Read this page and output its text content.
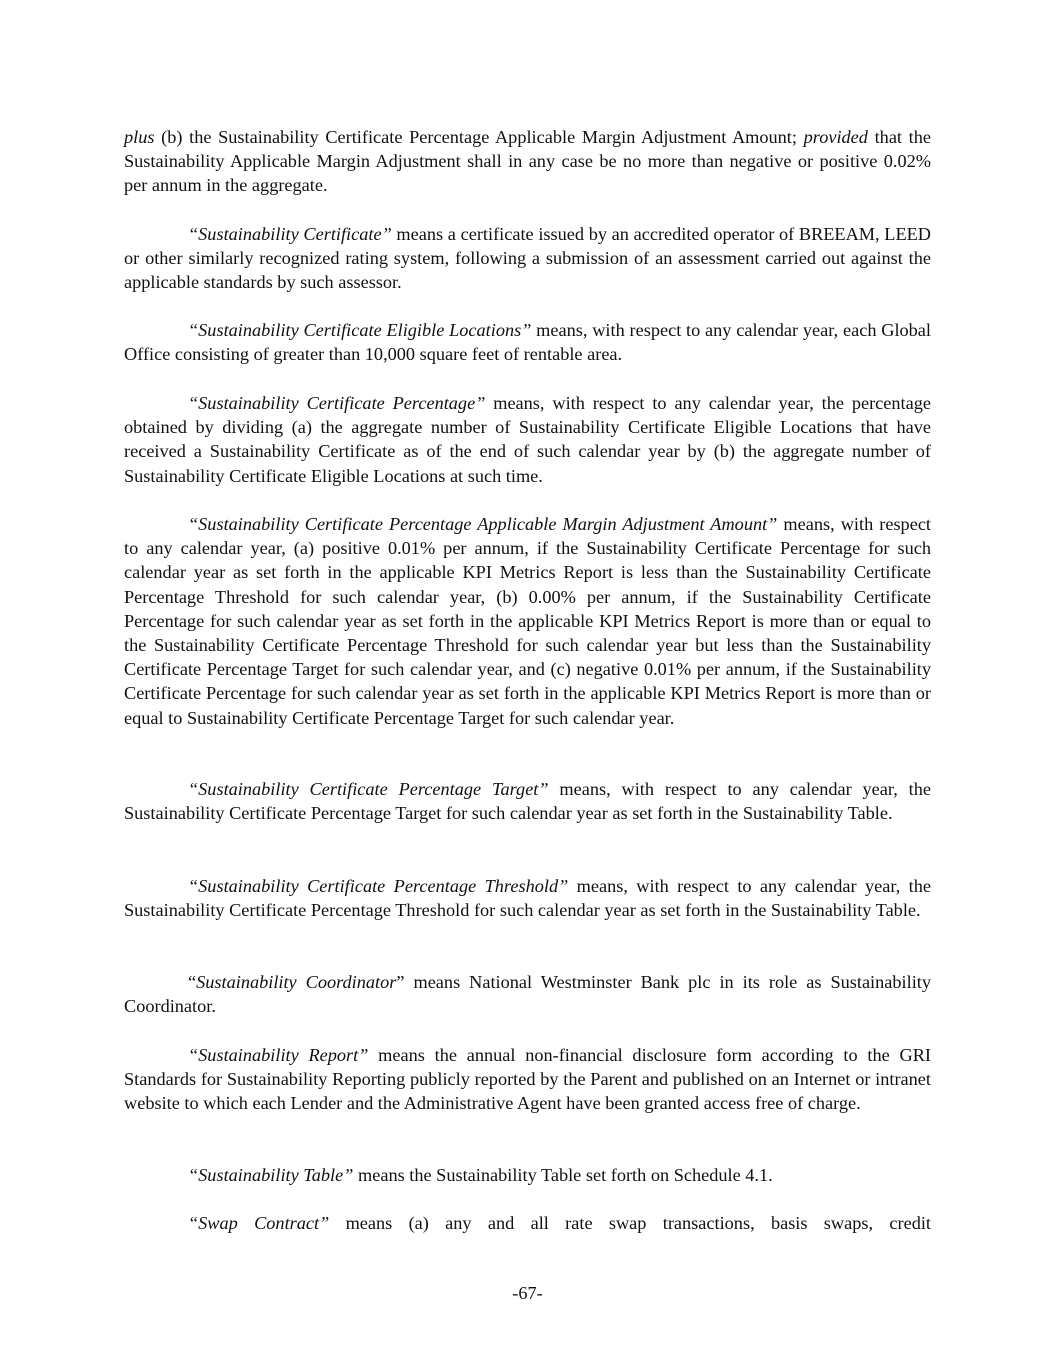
plus (b) the Sustainability Certificate Percentage Applicable Margin Adjustment Amount; provided that the Sustainability Applicable Margin Adjustment shall in any case be no more than negative or positive 0.02% per annum in the aggregate.

“Sustainability Certificate” means a certificate issued by an accredited operator of BREEAM, LEED or other similarly recognized rating system, following a submission of an assessment carried out against the applicable standards by such assessor.

“Sustainability Certificate Eligible Locations” means, with respect to any calendar year, each Global Office consisting of greater than 10,000 square feet of rentable area.

“Sustainability Certificate Percentage” means, with respect to any calendar year, the percentage obtained by dividing (a) the aggregate number of Sustainability Certificate Eligible Locations that have received a Sustainability Certificate as of the end of such calendar year by (b) the aggregate number of Sustainability Certificate Eligible Locations at such time.

“Sustainability Certificate Percentage Applicable Margin Adjustment Amount” means, with respect to any calendar year, (a) positive 0.01% per annum, if the Sustainability Certificate Percentage for such calendar year as set forth in the applicable KPI Metrics Report is less than the Sustainability Certificate Percentage Threshold for such calendar year, (b) 0.00% per annum, if the Sustainability Certificate Percentage for such calendar year as set forth in the applicable KPI Metrics Report is more than or equal to the Sustainability Certificate Percentage Threshold for such calendar year but less than the Sustainability Certificate Percentage Target for such calendar year, and (c) negative 0.01% per annum, if the Sustainability Certificate Percentage for such calendar year as set forth in the applicable KPI Metrics Report is more than or equal to Sustainability Certificate Percentage Target for such calendar year.

“Sustainability Certificate Percentage Target” means, with respect to any calendar year, the Sustainability Certificate Percentage Target for such calendar year as set forth in the Sustainability Table.

“Sustainability Certificate Percentage Threshold” means, with respect to any calendar year, the Sustainability Certificate Percentage Threshold for such calendar year as set forth in the Sustainability Table.

“Sustainability Coordinator” means National Westminster Bank plc in its role as Sustainability Coordinator.

“Sustainability Report” means the annual non-financial disclosure form according to the GRI Standards for Sustainability Reporting publicly reported by the Parent and published on an Internet or intranet website to which each Lender and the Administrative Agent have been granted access free of charge.

“Sustainability Table” means the Sustainability Table set forth on Schedule 4.1.

“Swap Contract” means (a) any and all rate swap transactions, basis swaps, credit

-67-
